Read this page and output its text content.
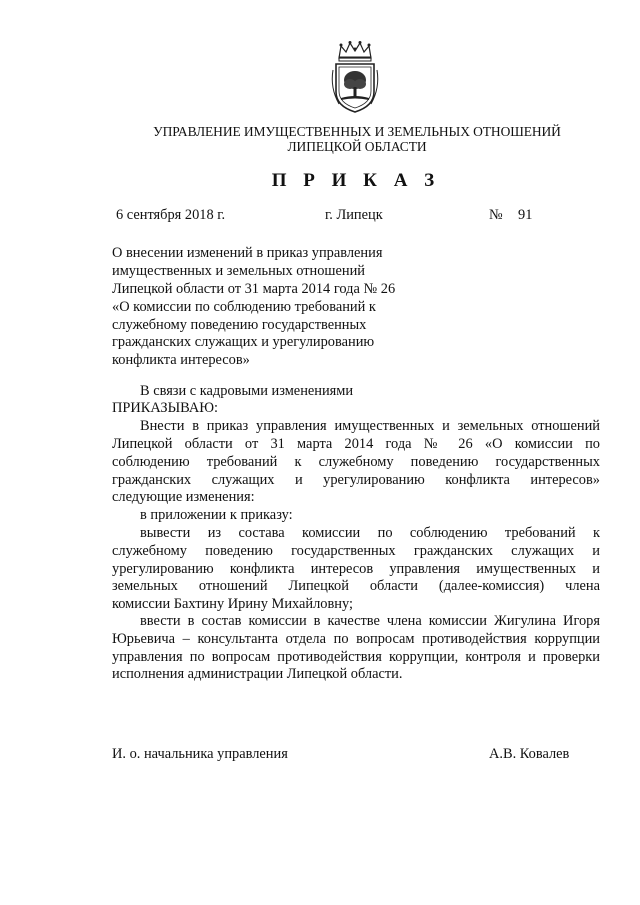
УПРАВЛЕНИЕ ИМУЩЕСТВЕННЫХ И ЗЕМЕЛЬНЫХ ОТНОШЕНИЙ
ЛИПЕЦКОЙ ОБЛАСТИ
П Р И К А З
6 сентября 2018 г.	г. Липецк	№ 91
О внесении изменений в приказ управления
имущественных и земельных отношений
Липецкой области от 31 марта 2014 года № 26
«О комиссии по соблюдению требований к
служебному поведению государственных
гражданских служащих и урегулированию
конфликта интересов»
В связи с кадровыми изменениями
ПРИКАЗЫВАЮ:
Внести в приказ управления имущественных и земельных отношений
Липецкой области от 31 марта 2014 года № 26 «О комиссии по
соблюдению требований к служебному поведению государственных
гражданских служащих и урегулированию конфликта интересов»
следующие изменения:
в приложении к приказу:
вывести из состава комиссии по соблюдению требований к
служебному поведению государственных гражданских служащих и
урегулированию конфликта интересов управления имущественных и
земельных отношений Липецкой области (далее-комиссия) члена
комиссии Бахтину Ирину Михайловну;
ввести в состав комиссии в качестве члена комиссии Жигулина Игоря
Юрьевича – консультанта отдела по вопросам противодействия коррупции
управления по вопросам противодействия коррупции, контроля и проверки
исполнения администрации Липецкой области.
И. о. начальника управления	А.В. Ковалев
